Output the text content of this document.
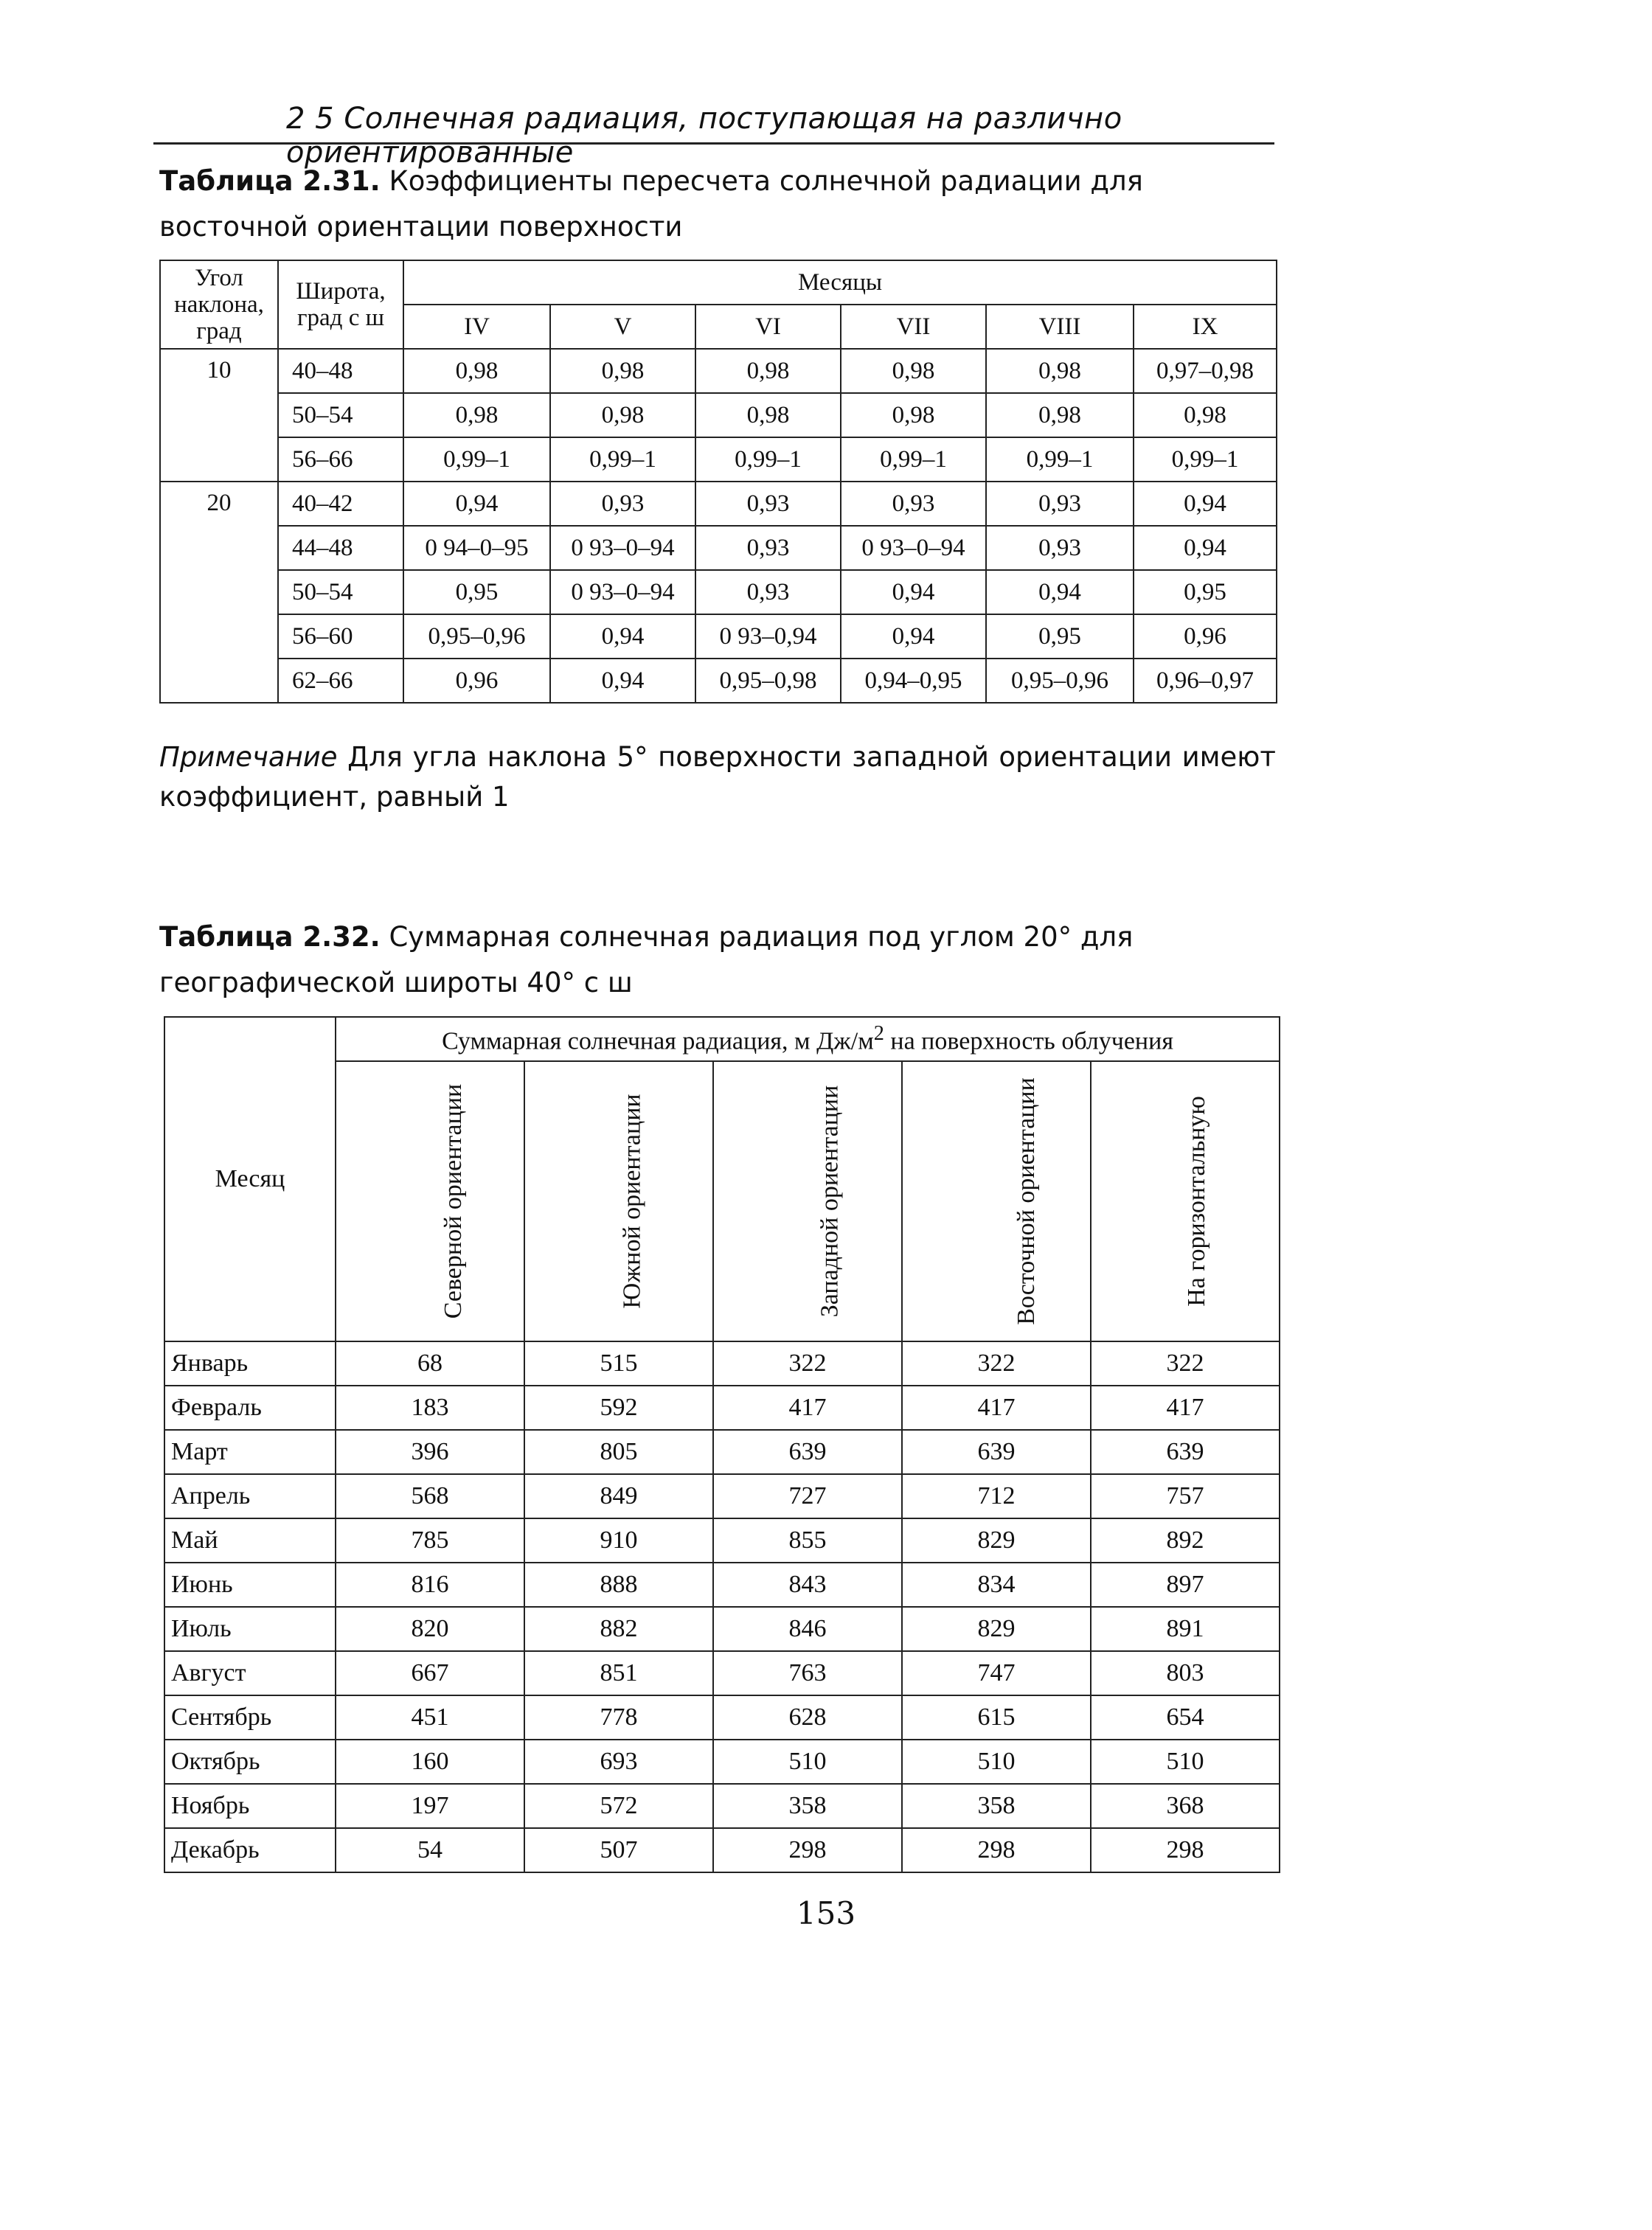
2 5 Солнечная радиация, поступающая на различно ориентированные
Таблица 2.31. Коэффициенты пересчета солнечной радиации для восточной ориентации поверхности
Угол наклона, град	Широта, град с ш	Месяцы					
		IV	V	VI	VII	VIII	IX
10	40–48	0,98	0,98	0,98	0,98	0,98	0,97–0,98
	50–54	0,98	0,98	0,98	0,98	0,98	0,98
	56–66	0,99–1	0,99–1	0,99–1	0,99–1	0,99–1	0,99–1
20	40–42	0,94	0,93	0,93	0,93	0,93	0,94
	44–48	0 94–0–95	0 93–0–94	0,93	0 93–0–94	0,93	0,94
	50–54	0,95	0 93–0–94	0,93	0,94	0,94	0,95
	56–60	0,95–0,96	0,94	0 93–0,94	0,94	0,95	0,96
	62–66	0,96	0,94	0,95–0,98	0,94–0,95	0,95–0,96	0,96–0,97
Примечание Для угла наклона 5° поверхности западной ориентации имеют коэффициент, равный 1
Таблица 2.32. Суммарная солнечная радиация под углом 20° для географической широты 40° с ш
Месяц	Суммарная солнечная радиация, м $Дж/м^2$ на поверхность облучения				
	Северной ориентации	Южной ориентации	Западной ориентации	Восточной ориентации	На горизонтальную
Январь	68	515	322	322	322
Февраль	183	592	417	417	417
Март	396	805	639	639	639
Апрель	568	849	727	712	757
Май	785	910	855	829	892
Июнь	816	888	843	834	897
Июль	820	882	846	829	891
Август	667	851	763	747	803
Сентябрь	451	778	628	615	654
Октябрь	160	693	510	510	510
Ноябрь	197	572	358	358	368
Декабрь	54	507	298	298	298
153
